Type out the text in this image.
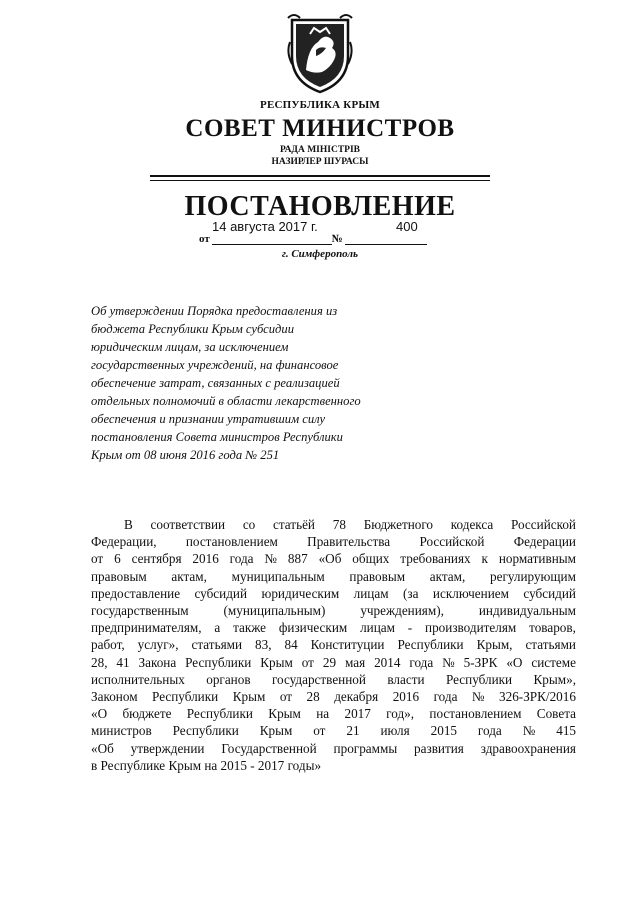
РЕСПУБЛИКА КРЫМ
СОВЕТ МИНИСТРОВ
РАДА МІНІСТРІВ
НАЗИРЛЕР ШУРАСЫ
ПОСТАНОВЛЕНИЕ
14 августа 2017 г.	400
от	№
г. Симферополь
Об утверждении Порядка предоставления из
бюджета Республики Крым субсидии
юридическим лицам, за исключением
государственных учреждений, на финансовое
обеспечение затрат, связанных с реализацией
отдельных полномочий в области лекарственного
обеспечения и признании утратившим силу
постановления Совета министров Республики
Крым от 08 июня 2016 года № 251
В соответствии со статьёй 78 Бюджетного кодекса Российской
Федерации, постановлением Правительства Российской Федерации
от 6 сентября 2016 года № 887 «Об общих требованиях к нормативным
правовым актам, муниципальным правовым актам, регулирующим
предоставление субсидий юридическим лицам (за исключением субсидий
государственным	(муниципальным)	учреждениям),	индивидуальным
предпринимателям, а также физическим лицам - производителям товаров,
работ, услуг», статьями 83, 84 Конституции Республики Крым, статьями
28, 41 Закона Республики Крым от 29 мая 2014 года № 5-ЗРК «О системе
исполнительных органов государственной власти Республики Крым»,
Законом Республики Крым от 28 декабря 2016 года № 326-ЗРК/2016
«О бюджете Республики Крым на 2017 год», постановлением Совета
министров Республики Крым от 21 июля 2015 года № 415
«Об утверждении Государственной программы развития здравоохранения
в Республике Крым на 2015 - 2017 годы»
